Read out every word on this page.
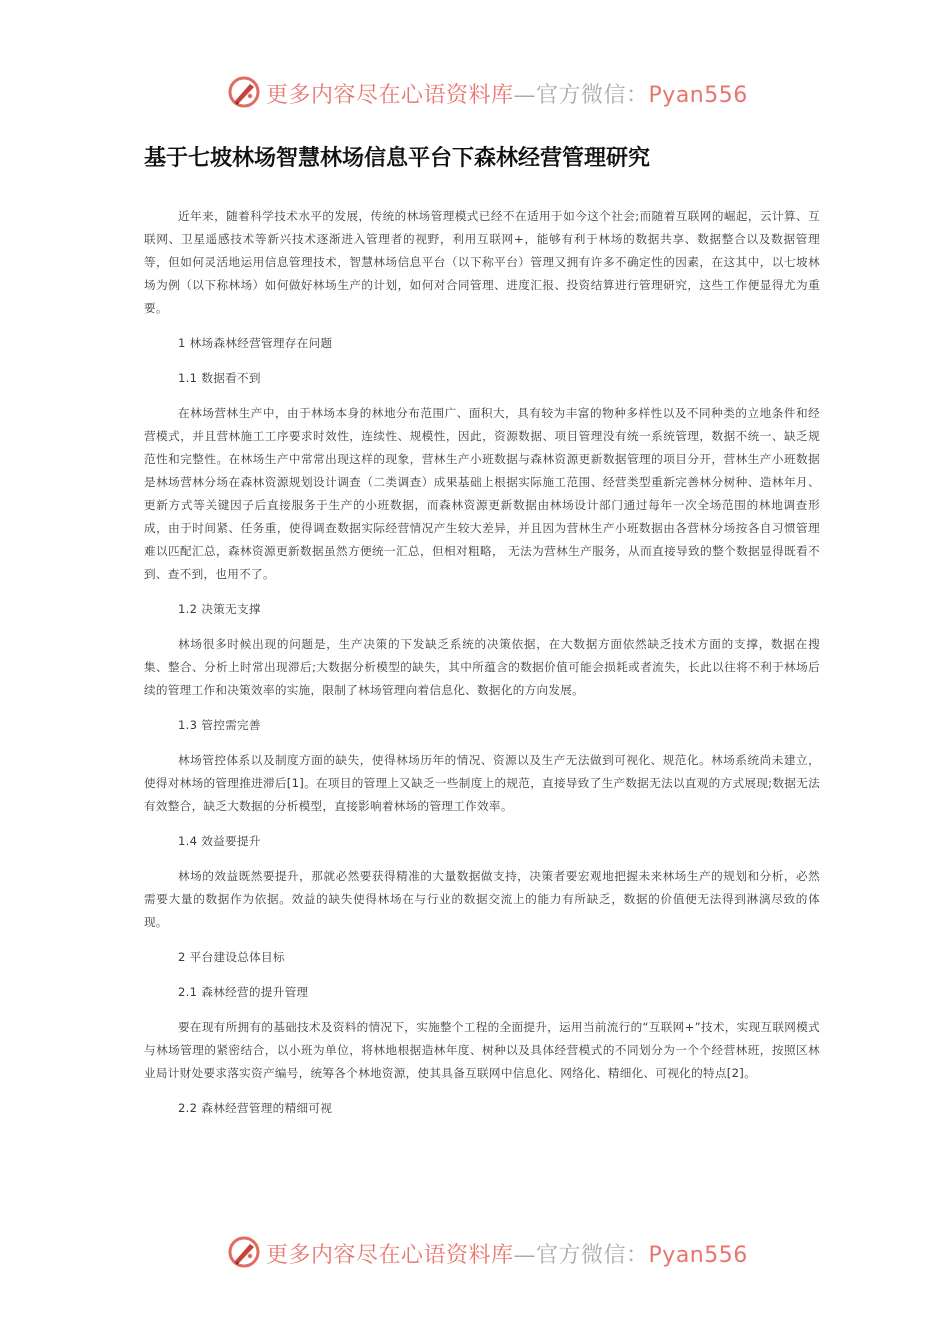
更多内容尽在心语资料库—官方微信：Pyan556
基于七坡林场智慧林场信息平台下森林经营管理研究

近年来，随着科学技术水平的发展，传统的林场管理模式已经不在适用于如今这个社会;而随着互联网的崛起，云计算、互联网、卫星遥感技术等新兴技术逐渐进入管理者的视野，利用互联网+，能够有利于林场的数据共享、数据整合以及数据管理等，但如何灵活地运用信息管理技术，智慧林场信息平台（以下称平台）管理又拥有许多不确定性的因素，在这其中，以七坡林场为例（以下称林场）如何做好林场生产的计划，如何对合同管理、进度汇报、投资结算进行管理研究，这些工作便显得尤为重要。

1 林场森林经营管理存在问题

1.1 数据看不到

在林场营林生产中，由于林场本身的林地分布范围广、面积大，具有较为丰富的物种多样性以及不同种类的立地条件和经营模式，并且营林施工工序要求时效性，连续性、规模性，因此，资源数据、项目管理没有统一系统管理，数据不统一、缺乏规范性和完整性。在林场生产中常常出现这样的现象，营林生产小班数据与森林资源更新数据管理的项目分开，营林生产小班数据是林场营林分场在森林资源规划设计调查（二类调查）成果基础上根据实际施工范围、经营类型重新完善林分树种、造林年月、更新方式等关键因子后直接服务于生产的小班数据，而森林资源更新数据由林场设计部门通过每年一次全场范围的林地调查形成，由于时间紧、任务重，使得调查数据实际经营情况产生较大差异，并且因为营林生产小班数据由各营林分场按各自习惯管理难以匹配汇总，森林资源更新数据虽然方便统一汇总，但相对粗略， 无法为营林生产服务，从而直接导致的整个数据显得既看不到、查不到，也用不了。

1.2 决策无支撑

林场很多时候出现的问题是，生产决策的下发缺乏系统的决策依据，在大数据方面依然缺乏技术方面的支撑，数据在搜集、整合、分析上时常出现滞后;大数据分析模型的缺失，其中所蕴含的数据价值可能会损耗或者流失，长此以往将不利于林场后续的管理工作和决策效率的实施，限制了林场管理向着信息化、数据化的方向发展。

1.3 管控需完善

林场管控体系以及制度方面的缺失，使得林场历年的情况、资源以及生产无法做到可视化、规范化。林场系统尚未建立，使得对林场的管理推进滞后[1]。在项目的管理上又缺乏一些制度上的规范，直接导致了生产数据无法以直观的方式展现;数据无法有效整合，缺乏大数据的分析模型，直接影响着林场的管理工作效率。

1.4 效益要提升

林场的效益既然要提升，那就必然要获得精准的大量数据做支持，决策者要宏观地把握未来林场生产的规划和分析，必然需要大量的数据作为依据。效益的缺失使得林场在与行业的数据交流上的能力有所缺乏，数据的价值便无法得到淋漓尽致的体现。

2 平台建设总体目标

2.1 森林经营的提升管理

要在现有所拥有的基础技术及资料的情况下，实施整个工程的全面提升，运用当前流行的“互联网+”技术，实现互联网模式与林场管理的紧密结合，以小班为单位，将林地根据造林年度、树种以及具体经营模式的不同划分为一个个经营林班，按照区林业局计财处要求落实资产编号，统筹各个林地资源，使其具备互联网中信息化、网络化、精细化、可视化的特点[2]。

2.2 森林经营管理的精细可视

更多内容尽在心语资料库—官方微信：Pyan556
